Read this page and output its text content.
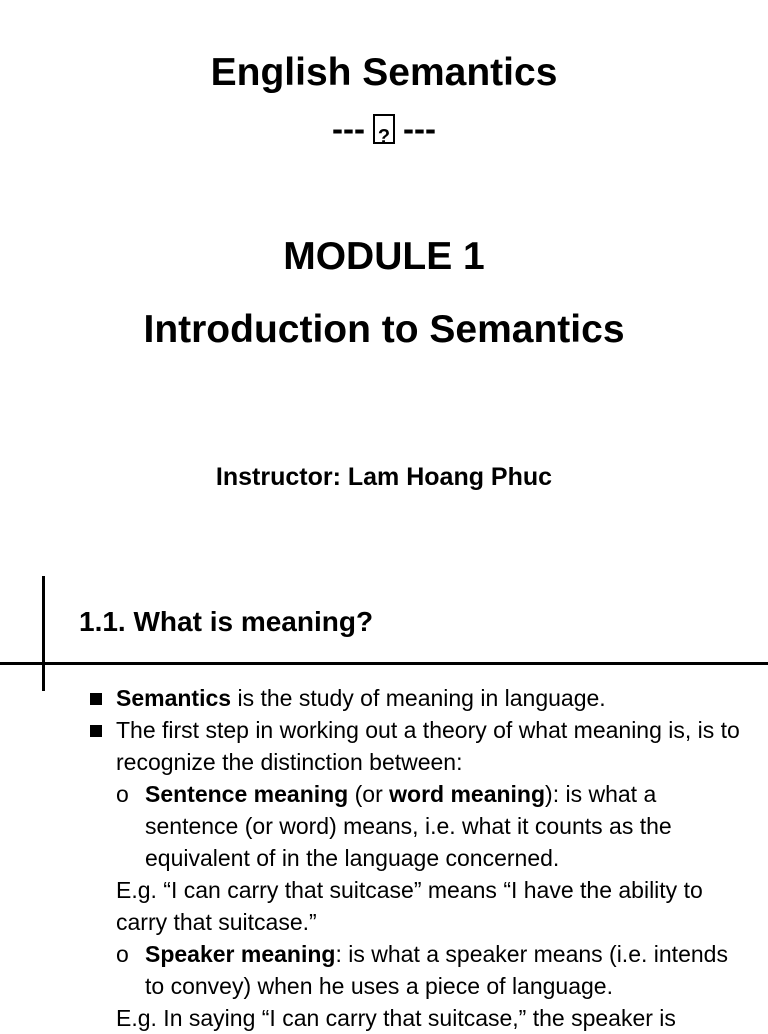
English Semantics
---? ---
MODULE 1
Introduction to Semantics
Instructor: Lam Hoang Phuc
1.1. What is meaning?
Semantics is the study of meaning in language.
The first step in working out a theory of what meaning is, is to recognize the distinction between:
o Sentence meaning (or word meaning): is what a sentence (or word) means, i.e. what it counts as the equivalent of in the language concerned.
E.g. “I can carry that suitcase” means “I have the ability to carry that suitcase.”
o Speaker meaning: is what a speaker means (i.e. intends to convey) when he uses a piece of language.
E.g. In saying “I can carry that suitcase,” the speaker is
